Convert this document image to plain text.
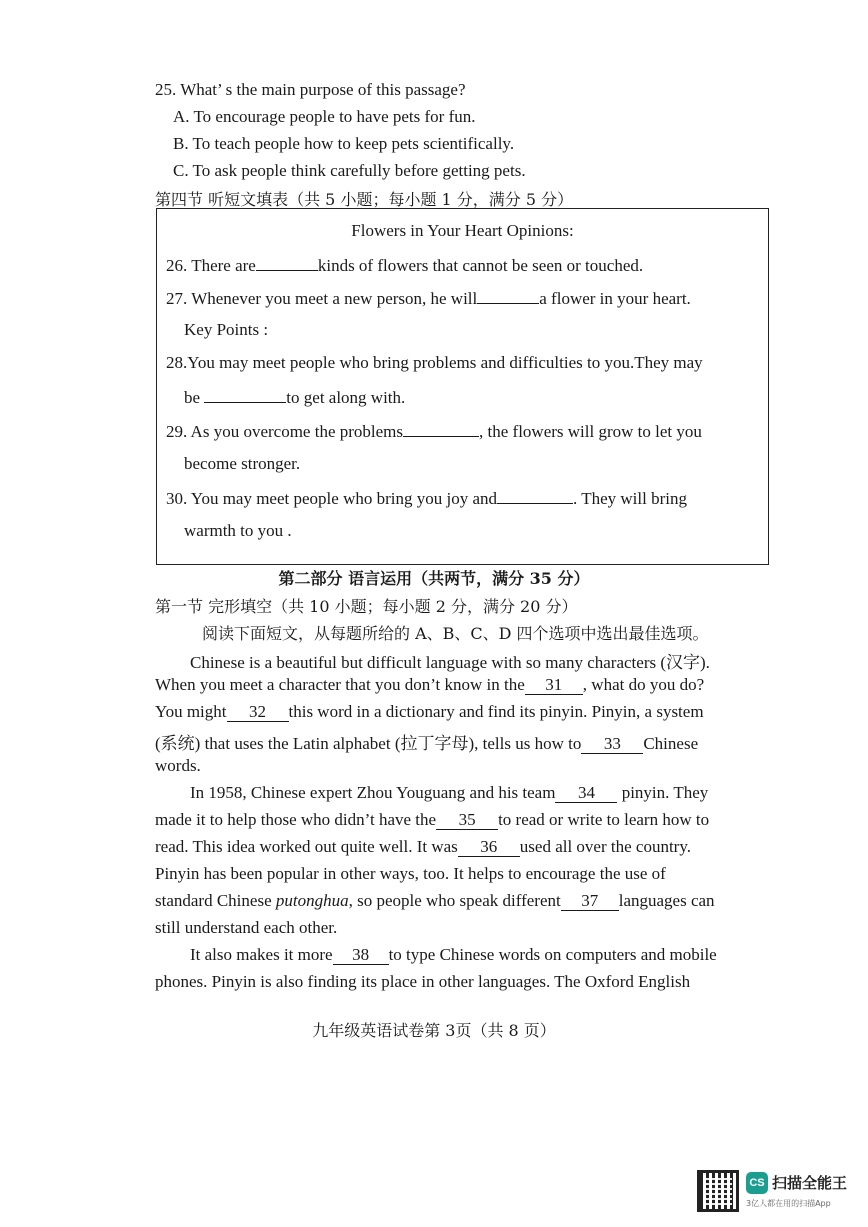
25. What’ s the main purpose of this passage?
A. To encourage people to have pets for fun.
B. To teach people how to keep pets scientifically.
C. To ask people think carefully before getting pets.
第四节 听短文填表（共 5 小题；每小题 1 分，满分 5 分）
Flowers in Your Heart Opinions:
26. There are	kinds of flowers that cannot be seen or touched.
27. Whenever you meet a new person, he will	a flower in your heart.
Key Points :
28.You may meet people who bring problems and difficulties to you.They may
be	to get along with.
29. As you overcome the problems	, the flowers will grow to let you
become stronger.
30. You may meet people who bring you joy and	. They will bring
warmth to you .
第二部分 语言运用（共两节，满分 35 分）
第一节 完形填空（共 10 小题；每小题 2 分，满分 20 分）
阅读下面短文，从每题所给的 A、B、C、D 四个选项中选出最佳选项。
Chinese is a beautiful but difficult language with so many characters (汉字).
When you meet a character that you don’t know in the 31 , what do you do?
You might 32 this word in a dictionary and find its pinyin. Pinyin, a system
(系统) that uses the Latin alphabet (拉丁字母), tells us how to 33 Chinese
words.
In 1958, Chinese expert Zhou Youguang and his team 34 pinyin. They
made it to help those who didn’t have the 35 to read or write to learn how to
read. This idea worked out quite well. It was 36 used all over the country.
Pinyin has been popular in other ways, too. It helps to encourage the use of
standard Chinese putonghua, so people who speak different 37 languages can
still understand each other.
It also makes it more 38 to type Chinese words on computers and mobile
phones. Pinyin is also finding its place in other languages. The Oxford English
九年级英语试卷第 3页（共 8 页）
CS 扫描全能王
3亿人都在用的扫描App
